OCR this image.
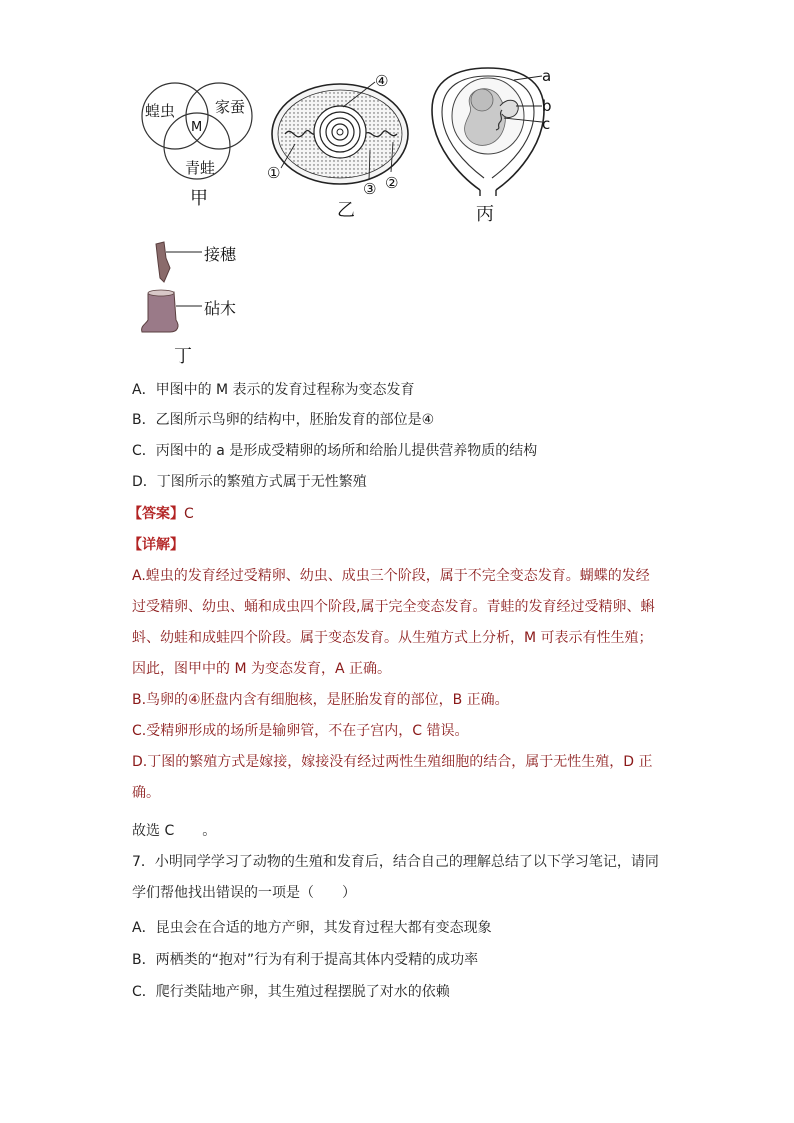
蝗虫	家蚕
青蛙
M
甲
④
①
③ ②
乙
a
b
c
丙
接穗
砧木
丁
A．甲图中的 M 表示的发育过程称为变态发育
B．乙图所示鸟卵的结构中，胚胎发育的部位是④
C．丙图中的 a 是形成受精卵的场所和给胎儿提供营养物质的结构
D．丁图所示的繁殖方式属于无性繁殖
【答案】C
【详解】
A.蝗虫的发育经过受精卵、幼虫、成虫三个阶段，属于不完全变态发育。蝴蝶的发经
过受精卵、幼虫、蛹和成虫四个阶段,属于完全变态发育。青蛙的发育经过受精卵、蝌
蚪、幼蛙和成蛙四个阶段。属于变态发育。从生殖方式上分析，M 可表示有性生殖；
因此，图甲中的 M 为变态发育，A 正确。
B.鸟卵的④胚盘内含有细胞核，是胚胎发育的部位，B 正确。
C.受精卵形成的场所是输卵管，不在子宫内，C 错误。
D.丁图的繁殖方式是嫁接，嫁接没有经过两性生殖细胞的结合，属于无性生殖，D 正
确。
故选 C　　。
7．小明同学学习了动物的生殖和发育后，结合自己的理解总结了以下学习笔记，请同
学们帮他找出错误的一项是（　　）
A．昆虫会在合适的地方产卵，其发育过程大都有变态现象
B．两栖类的“抱对”行为有利于提高其体内受精的成功率
C．爬行类陆地产卵，其生殖过程摆脱了对水的依赖
